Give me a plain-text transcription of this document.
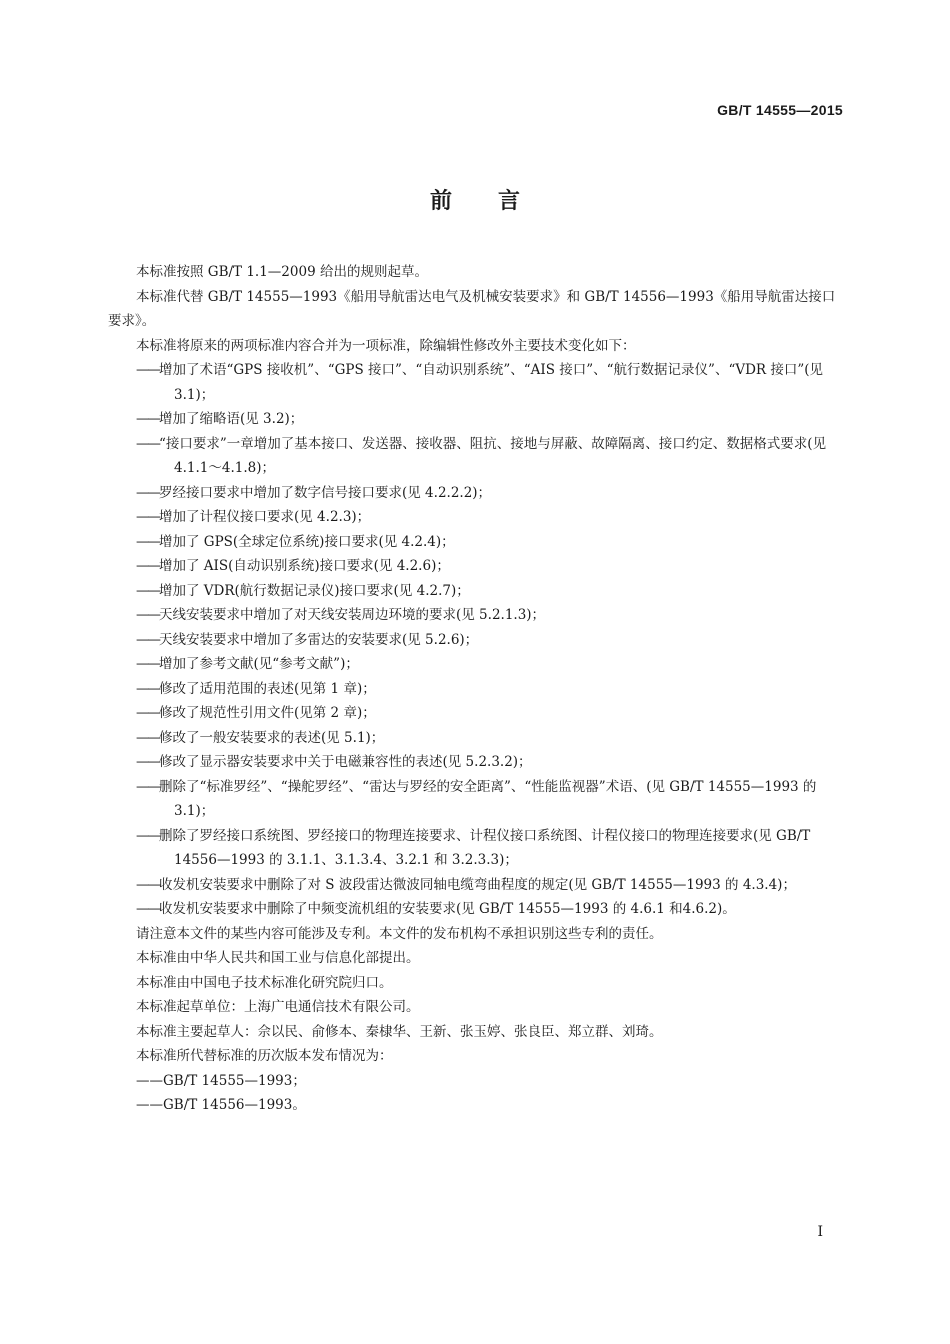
GB/T 14555—2015
前言

本标准按照 GB/T 1.1—2009 给出的规则起草。

本标准代替 GB/T 14555—1993《船用导航雷达电气及机械安装要求》和 GB/T 14556—1993《船用导航雷达接口要求》。

本标准将原来的两项标准内容合并为一项标准，除编辑性修改外主要技术变化如下：

——增加了术语“GPS 接收机”、“GPS 接口”、“自动识别系统”、“AIS 接口”、“航行数据记录仪”、“VDR 接口”(见 3.1)；

——增加了缩略语(见 3.2)；

——“接口要求”一章增加了基本接口、发送器、接收器、阻抗、接地与屏蔽、故障隔离、接口约定、数据格式要求(见 4.1.1～4.1.8)；

——罗经接口要求中增加了数字信号接口要求(见 4.2.2.2)；

——增加了计程仪接口要求(见 4.2.3)；

——增加了 GPS(全球定位系统)接口要求(见 4.2.4)；

——增加了 AIS(自动识别系统)接口要求(见 4.2.6)；

——增加了 VDR(航行数据记录仪)接口要求(见 4.2.7)；

——天线安装要求中增加了对天线安装周边环境的要求(见 5.2.1.3)；

——天线安装要求中增加了多雷达的安装要求(见 5.2.6)；

——增加了参考文献(见“参考文献”)；

——修改了适用范围的表述(见第 1 章)；

——修改了规范性引用文件(见第 2 章)；

——修改了一般安装要求的表述(见 5.1)；

——修改了显示器安装要求中关于电磁兼容性的表述(见 5.2.3.2)；

——删除了“标准罗经”、“操舵罗经”、“雷达与罗经的安全距离”、“性能监视器”术语、(见 GB/T 14555—1993 的3.1)；

——删除了罗经接口系统图、罗经接口的物理连接要求、计程仪接口系统图、计程仪接口的物理连接要求(见 GB/T 14556—1993 的 3.1.1、3.1.3.4、3.2.1 和 3.2.3.3)；

——收发机安装要求中删除了对 S 波段雷达微波同轴电缆弯曲程度的规定(见 GB/T 14555—1993 的 4.3.4)；

——收发机安装要求中删除了中频变流机组的安装要求(见 GB/T 14555—1993 的 4.6.1 和4.6.2)。

请注意本文件的某些内容可能涉及专利。本文件的发布机构不承担识别这些专利的责任。

本标准由中华人民共和国工业与信息化部提出。

本标准由中国电子技术标准化研究院归口。

本标准起草单位：上海广电通信技术有限公司。

本标准主要起草人：佘以民、俞修本、秦棣华、王新、张玉婷、张良臣、郑立群、刘琦。

本标准所代替标准的历次版本发布情况为：

——GB/T 14555—1993；

——GB/T 14556—1993。

I
